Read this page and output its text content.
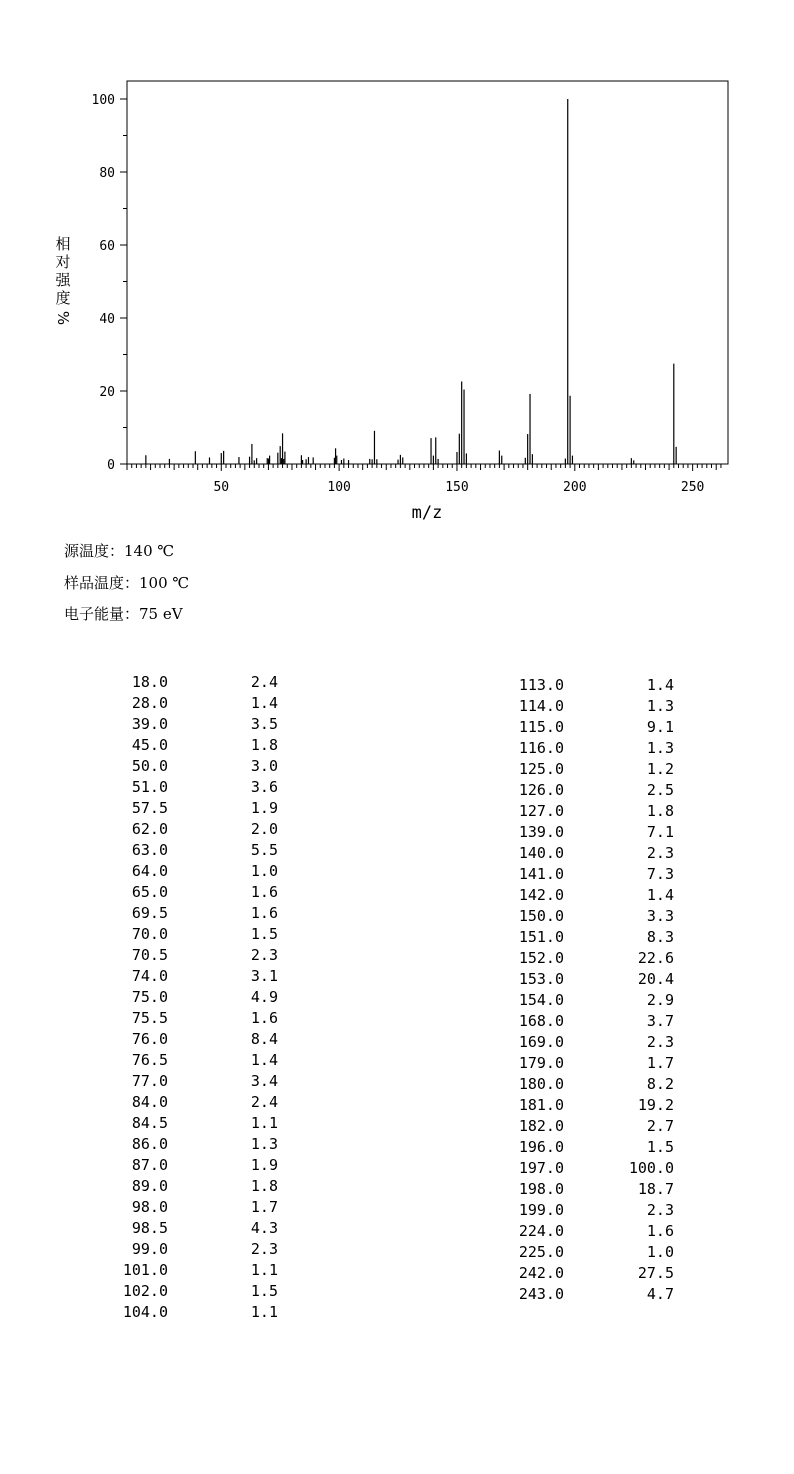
0
20
40
60
80
100
50	100	150	200	250
m/z
相
对
强
度
%
源温度：140 ℃
样品温度：100 ℃
电子能量：75 eV
18.0	2.4
28.0	1.4
39.0	3.5
45.0	1.8
50.0	3.0
51.0	3.6
57.5	1.9
62.0	2.0
63.0	5.5
64.0	1.0
65.0	1.6
69.5	1.6
70.0	1.5
70.5	2.3
74.0	3.1
75.0	4.9
75.5	1.6
76.0	8.4
76.5	1.4
77.0	3.4
84.0	2.4
84.5	1.1
86.0	1.3
87.0	1.9
89.0	1.8
98.0	1.7
98.5	4.3
99.0	2.3
101.0	1.1
102.0	1.5
104.0	1.1
113.0	1.4
114.0	1.3
115.0	9.1
116.0	1.3
125.0	1.2
126.0	2.5
127.0	1.8
139.0	7.1
140.0	2.3
141.0	7.3
142.0	1.4
150.0	3.3
151.0	8.3
152.0	22.6
153.0	20.4
154.0	2.9
168.0	3.7
169.0	2.3
179.0	1.7
180.0	8.2
181.0	19.2
182.0	2.7
196.0	1.5
197.0	100.0
198.0	18.7
199.0	2.3
224.0	1.6
225.0	1.0
242.0	27.5
243.0	4.7
